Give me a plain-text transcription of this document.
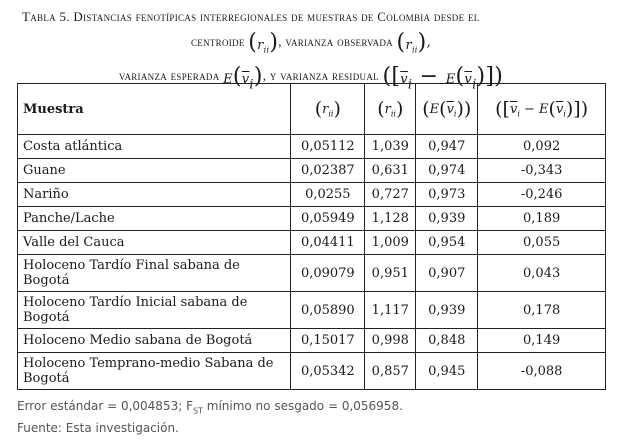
Tabla 5. Distancias fenotípicas interregionales de muestras de Colombia desde el
centroide $(r_{ii})$, varianza observada $(r_{ii})$,
varianza esperada $E(\overline{v}_i)$, y varianza residual $([\overline{v}_i - E(\overline{v}_i)])$
Muestra	$(r_{ii})$	$(r_{ii})$	$(E(\overline{v}_i))$	$([\overline{v}_i - E(\overline{v}_i)])$
Costa atlántica	0,05112	1,039	0,947	0,092
Guane	0,02387	0,631	0,974	-0,343
Nariño	0,0255	0,727	0,973	-0,246
Panche/Lache	0,05949	1,128	0,939	0,189
Valle del Cauca	0,04411	1,009	0,954	0,055
Holoceno Tardío Final sabana de Bogotá	0,09079	0,951	0,907	0,043
Holoceno Tardío Inicial sabana de Bogotá	0,05890	1,117	0,939	0,178
Holoceno Medio sabana de Bogotá	0,15017	0,998	0,848	0,149
Holoceno Temprano-medio Sabana de Bogotá	0,05342	0,857	0,945	-0,088
Error estándar = 0,004853; $F_{ST}$ mínimo no sesgado = 0,056958.
Fuente: Esta investigación.
